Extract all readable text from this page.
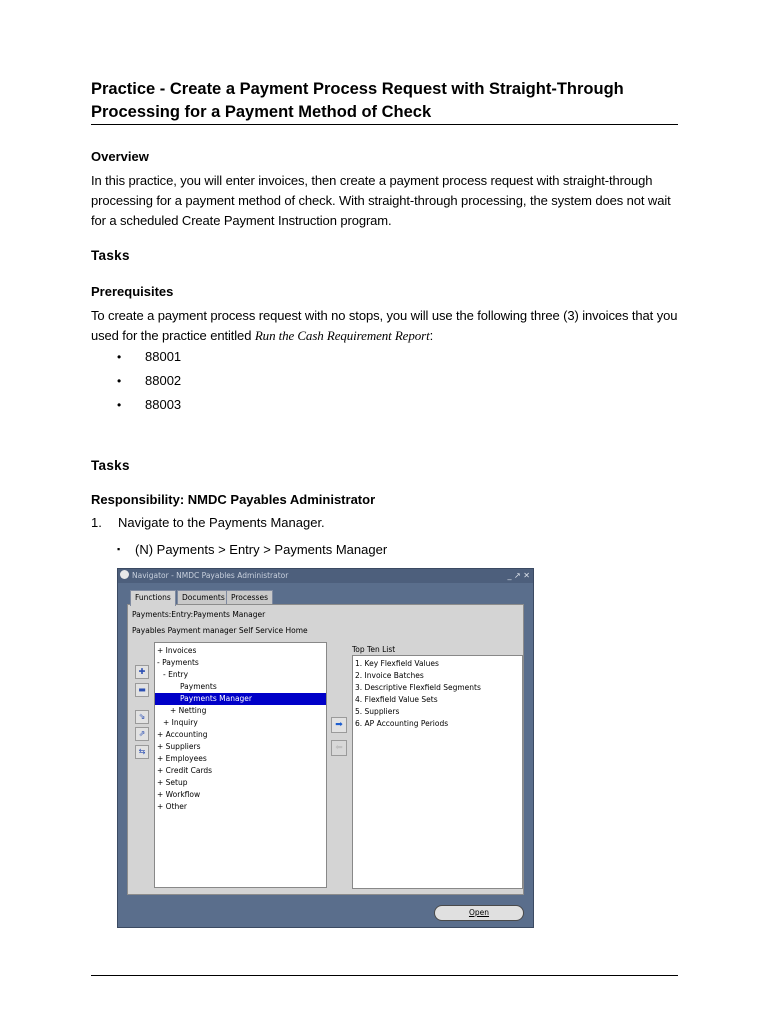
Practice - Create a Payment Process Request with Straight-Through Processing for a Payment Method of Check
Overview
In this practice, you will enter invoices, then create a payment process request with straight-through processing for a payment method of check. With straight-through processing, the system does not wait for a scheduled Create Payment Instruction program.
Tasks
Prerequisites
To create a payment process request with no stops, you will use the following three (3) invoices that you used for the practice entitled Run the Cash Requirement Report:
• 88001
• 88002
• 88003
Tasks
Responsibility: NMDC Payables Administrator
1. Navigate to the Payments Manager.
▪ (N) Payments > Entry > Payments Manager
Navigator - NMDC Payables Administrator	_ ↗ ✕
Functions	Documents Processes
Payments:Entry:Payments Manager
Payables Payment manager Self Service Home
✚
▬
⇘
⇗
⇆
+ Invoices
- Payments
- Entry
Payments
Payments Manager
+ Netting
+ Inquiry
+ Accounting
+ Suppliers
+ Employees
+ Credit Cards
+ Setup
+ Workflow
+ Other
➡
⬅
Top Ten List
1. Key Flexfield Values
2. Invoice Batches
3. Descriptive Flexfield Segments
4. Flexfield Value Sets
5. Suppliers
6. AP Accounting Periods
Open
